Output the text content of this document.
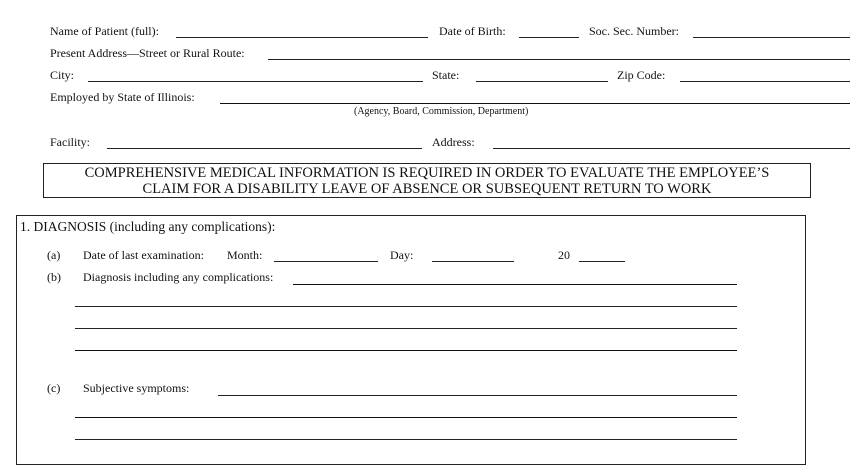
Name of Patient (full):	Date of Birth:	Soc. Sec. Number:
Present Address—Street or Rural Route:
City:	State:	Zip Code:
Employed by State of Illinois:
(Agency, Board, Commission, Department)
Facility:	Address:
COMPREHENSIVE MEDICAL INFORMATION IS REQUIRED IN ORDER TO EVALUATE THE EMPLOYEE’S
CLAIM FOR A DISABILITY LEAVE OF ABSENCE OR SUBSEQUENT RETURN TO WORK
1. DIAGNOSIS (including any complications):
(a) Date of last examination: Month:	Day:	20
(b) Diagnosis including any complications:
(c) Subjective symptoms:
